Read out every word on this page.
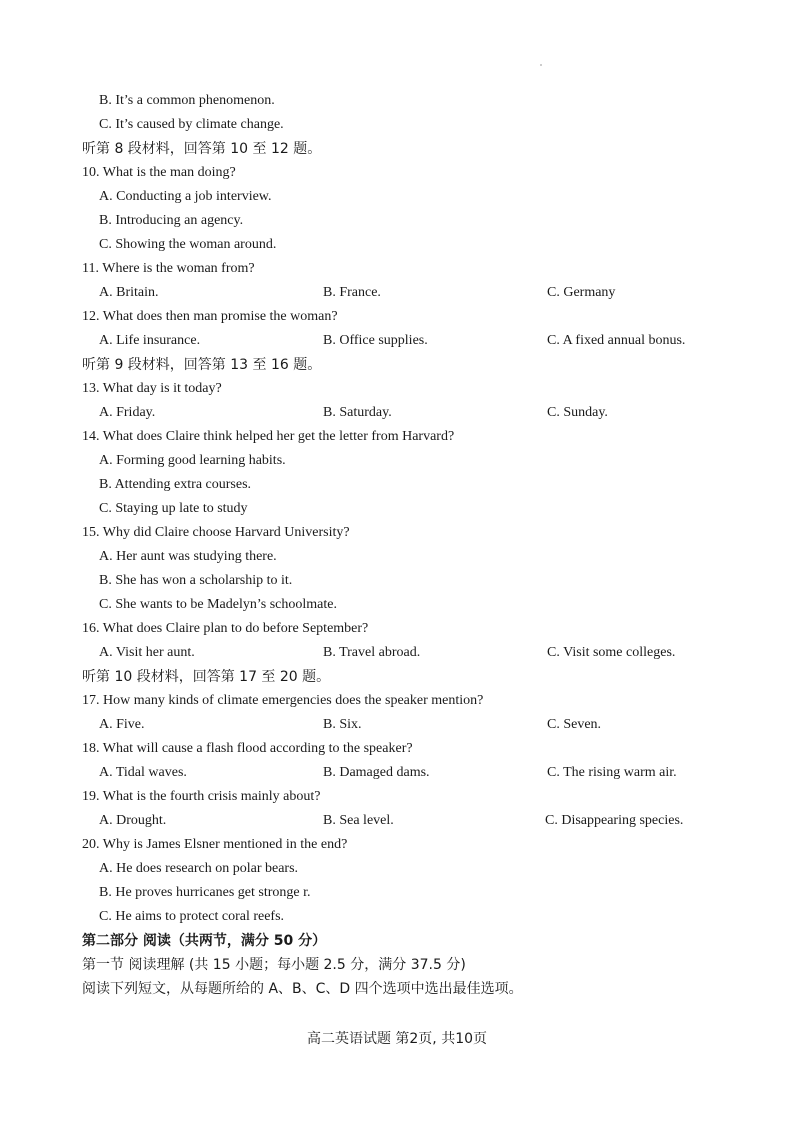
B. It’s a common phenomenon.
C. It’s caused by climate change.
听第 8 段材料，回答第 10 至 12 题。
10. What is the man doing?
A. Conducting a job interview.
B. Introducing an agency.
C. Showing the woman around.
11. Where is the woman from?
A. Britain.	B. France.	C. Germany
12. What does then man promise the woman?
A. Life insurance.	B. Office supplies.	C. A fixed annual bonus.
听第 9 段材料，回答第 13 至 16 题。
13. What day is it today?
A. Friday.	B. Saturday.	C. Sunday.
14. What does Claire think helped her get the letter from Harvard?
A. Forming good learning habits.
B. Attending extra courses.
C. Staying up late to study
15. Why did Claire choose Harvard University?
A. Her aunt was studying there.
B. She has won a scholarship to it.
C. She wants to be Madelyn’s schoolmate.
16. What does Claire plan to do before September?
A. Visit her aunt.	B. Travel abroad.	C. Visit some colleges.
听第 10 段材料，回答第 17 至 20 题。
17. How many kinds of climate emergencies does the speaker mention?
A. Five.	B. Six.	C. Seven.
18. What will cause a flash flood according to the speaker?
A. Tidal waves.	B. Damaged dams.	C. The rising warm air.
19. What is the fourth crisis mainly about?
A. Drought.	B. Sea level.	C. Disappearing species.
20. Why is James Elsner mentioned in the end?
A. He does research on polar bears.
B. He proves hurricanes get stronge r.
C. He aims to protect coral reefs.
第二部分 阅读（共两节，满分 50 分）
第一节 阅读理解 (共 15 小题；每小题 2.5 分，满分 37.5 分)
阅读下列短文，从每题所给的 A、B、C、D 四个选项中选出最佳选项。
高二英语试题 第2页, 共10页
